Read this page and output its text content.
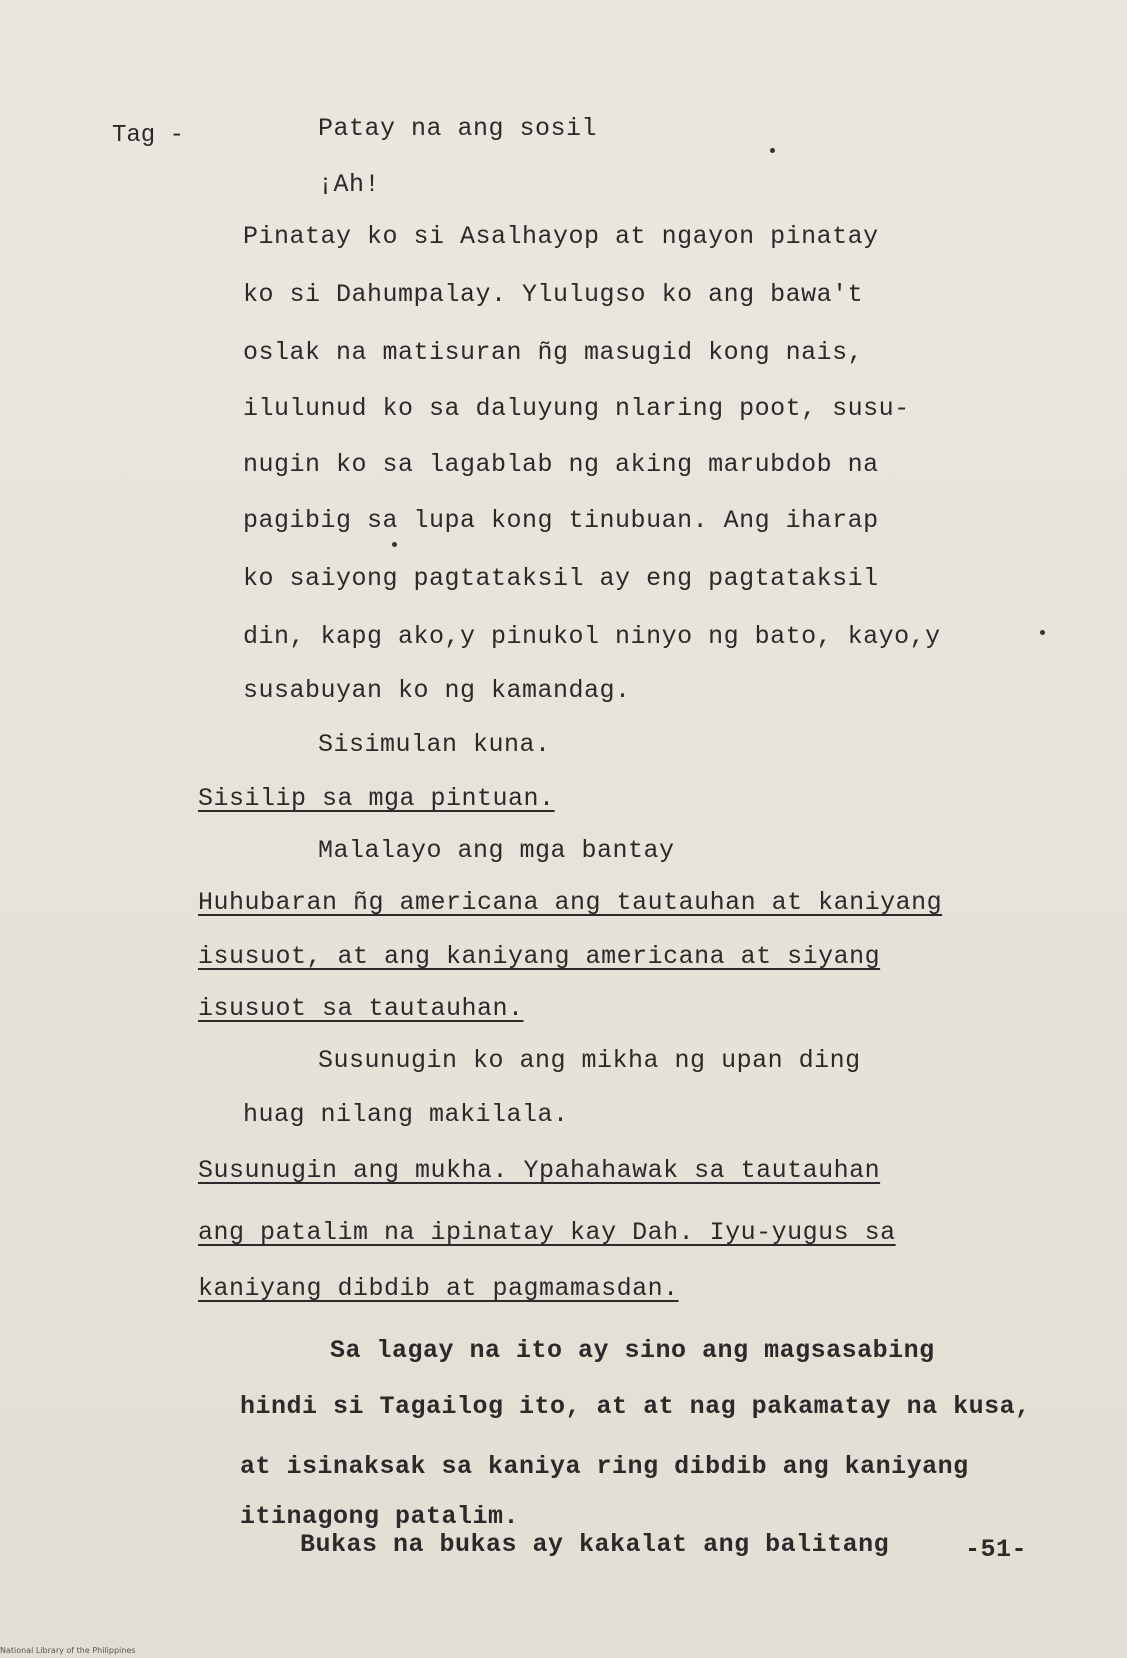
Tag -	Patay na ang sosil
¡Ah!
Pinatay ko si Asalhayop at ngayon pinatay
ko si Dahumpalay. Ylulugso ko ang bawa't
oslak na matisuran ñg masugid kong nais,
ilulunud ko sa daluyung nlaring poot, susu-
nugin ko sa lagablab ng aking marubdob na
pagibig sa lupa kong tinubuan. Ang iharap
ko saiyong pagtataksil ay eng pagtataksil
din, kapg ako,y pinukol ninyo ng bato, kayo,y
susabuyan ko ng kamandag.
Sisimulan kuna.
Sisilip sa mga pintuan.
Malalayo ang mga bantay
Huhubaran ñg americana ang tautauhan at kaniyang
isusuot, at ang kaniyang americana at siyang
isusuot sa tautauhan.
Susunugin ko ang mikha ng upan ding
huag nilang makilala.
Susunugin ang mukha. Ypahahawak sa tautauhan
ang patalim na ipinatay kay Dah. Iyu-yugus sa
kaniyang dibdib at pagmamasdan.
Sa lagay na ito ay sino ang magsasabing
hindi si Tagailog ito, at at nag pakamatay na kusa,
at isinaksak sa kaniya ring dibdib ang kaniyang
itinagong patalim.
Bukas na bukas ay kakalat ang balitang	-51-
National Library of the Philippines
